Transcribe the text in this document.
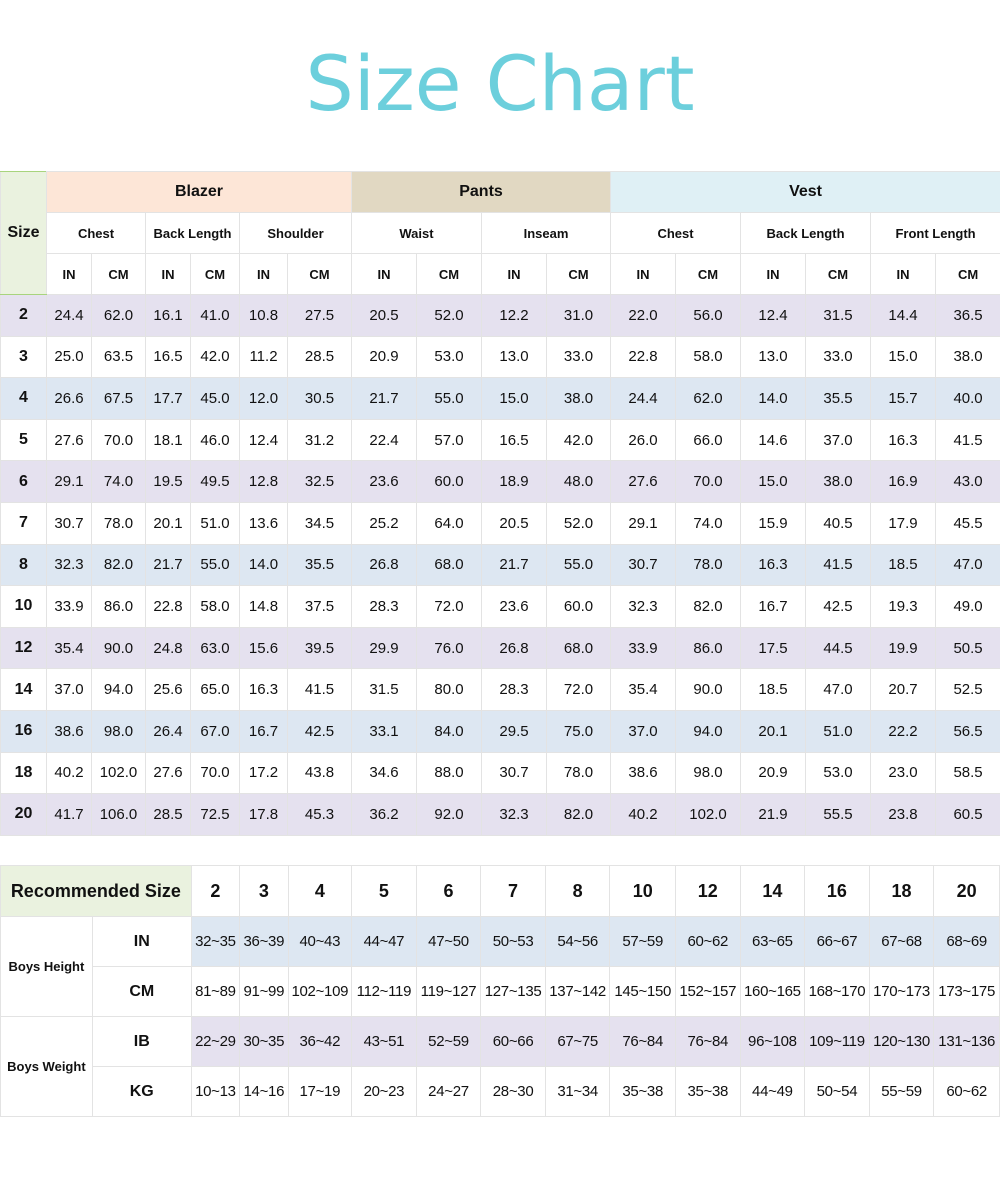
Size Chart
Size	Blazer						Pants				Vest					
	Chest		Back Length		Shoulder		Waist		Inseam		Chest		Back Length		Front Length	
	IN	CM	IN	CM	IN	CM	IN	CM	IN	CM	IN	CM	IN	CM	IN	CM
2	24.4	62.0	16.1	41.0	10.8	27.5	20.5	52.0	12.2	31.0	22.0	56.0	12.4	31.5	14.4	36.5
3	25.0	63.5	16.5	42.0	11.2	28.5	20.9	53.0	13.0	33.0	22.8	58.0	13.0	33.0	15.0	38.0
4	26.6	67.5	17.7	45.0	12.0	30.5	21.7	55.0	15.0	38.0	24.4	62.0	14.0	35.5	15.7	40.0
5	27.6	70.0	18.1	46.0	12.4	31.2	22.4	57.0	16.5	42.0	26.0	66.0	14.6	37.0	16.3	41.5
6	29.1	74.0	19.5	49.5	12.8	32.5	23.6	60.0	18.9	48.0	27.6	70.0	15.0	38.0	16.9	43.0
7	30.7	78.0	20.1	51.0	13.6	34.5	25.2	64.0	20.5	52.0	29.1	74.0	15.9	40.5	17.9	45.5
8	32.3	82.0	21.7	55.0	14.0	35.5	26.8	68.0	21.7	55.0	30.7	78.0	16.3	41.5	18.5	47.0
10	33.9	86.0	22.8	58.0	14.8	37.5	28.3	72.0	23.6	60.0	32.3	82.0	16.7	42.5	19.3	49.0
12	35.4	90.0	24.8	63.0	15.6	39.5	29.9	76.0	26.8	68.0	33.9	86.0	17.5	44.5	19.9	50.5
14	37.0	94.0	25.6	65.0	16.3	41.5	31.5	80.0	28.3	72.0	35.4	90.0	18.5	47.0	20.7	52.5
16	38.6	98.0	26.4	67.0	16.7	42.5	33.1	84.0	29.5	75.0	37.0	94.0	20.1	51.0	22.2	56.5
18	40.2	102.0	27.6	70.0	17.2	43.8	34.6	88.0	30.7	78.0	38.6	98.0	20.9	53.0	23.0	58.5
20	41.7	106.0	28.5	72.5	17.8	45.3	36.2	92.0	32.3	82.0	40.2	102.0	21.9	55.5	23.8	60.5
Recommended Size		2	3	4	5	6	7	8	10	12	14	16	18	20
Boys Height	IN	32~35	36~39	40~43	44~47	47~50	50~53	54~56	57~59	60~62	63~65	66~67	67~68	68~69
	CM	81~89	91~99	102~109	112~119	119~127	127~135	137~142	145~150	152~157	160~165	168~170	170~173	173~175
Boys Weight	IB	22~29	30~35	36~42	43~51	52~59	60~66	67~75	76~84	76~84	96~108	109~119	120~130	131~136
	KG	10~13	14~16	17~19	20~23	24~27	28~30	31~34	35~38	35~38	44~49	50~54	55~59	60~62
